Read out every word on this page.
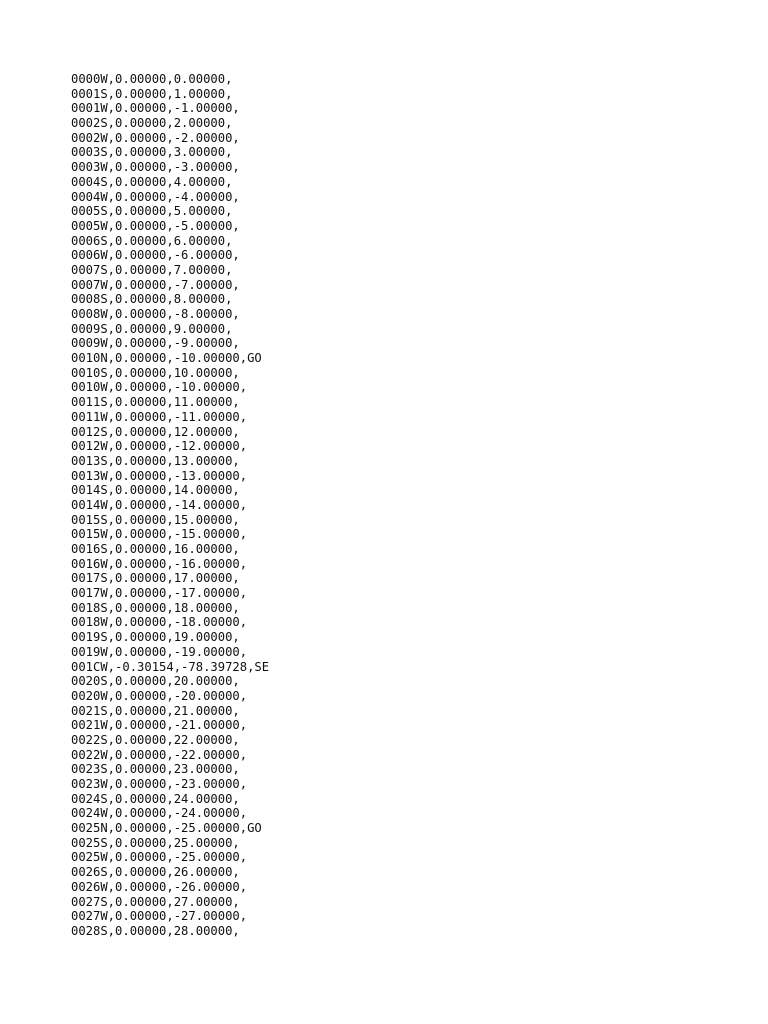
0000W,0.00000,0.00000,
0001S,0.00000,1.00000,
0001W,0.00000,-1.00000,
0002S,0.00000,2.00000,
0002W,0.00000,-2.00000,
0003S,0.00000,3.00000,
0003W,0.00000,-3.00000,
0004S,0.00000,4.00000,
0004W,0.00000,-4.00000,
0005S,0.00000,5.00000,
0005W,0.00000,-5.00000,
0006S,0.00000,6.00000,
0006W,0.00000,-6.00000,
0007S,0.00000,7.00000,
0007W,0.00000,-7.00000,
0008S,0.00000,8.00000,
0008W,0.00000,-8.00000,
0009S,0.00000,9.00000,
0009W,0.00000,-9.00000,
0010N,0.00000,-10.00000,GO
0010S,0.00000,10.00000,
0010W,0.00000,-10.00000,
0011S,0.00000,11.00000,
0011W,0.00000,-11.00000,
0012S,0.00000,12.00000,
0012W,0.00000,-12.00000,
0013S,0.00000,13.00000,
0013W,0.00000,-13.00000,
0014S,0.00000,14.00000,
0014W,0.00000,-14.00000,
0015S,0.00000,15.00000,
0015W,0.00000,-15.00000,
0016S,0.00000,16.00000,
0016W,0.00000,-16.00000,
0017S,0.00000,17.00000,
0017W,0.00000,-17.00000,
0018S,0.00000,18.00000,
0018W,0.00000,-18.00000,
0019S,0.00000,19.00000,
0019W,0.00000,-19.00000,
001CW,-0.30154,-78.39728,SE
0020S,0.00000,20.00000,
0020W,0.00000,-20.00000,
0021S,0.00000,21.00000,
0021W,0.00000,-21.00000,
0022S,0.00000,22.00000,
0022W,0.00000,-22.00000,
0023S,0.00000,23.00000,
0023W,0.00000,-23.00000,
0024S,0.00000,24.00000,
0024W,0.00000,-24.00000,
0025N,0.00000,-25.00000,GO
0025S,0.00000,25.00000,
0025W,0.00000,-25.00000,
0026S,0.00000,26.00000,
0026W,0.00000,-26.00000,
0027S,0.00000,27.00000,
0027W,0.00000,-27.00000,
0028S,0.00000,28.00000,
